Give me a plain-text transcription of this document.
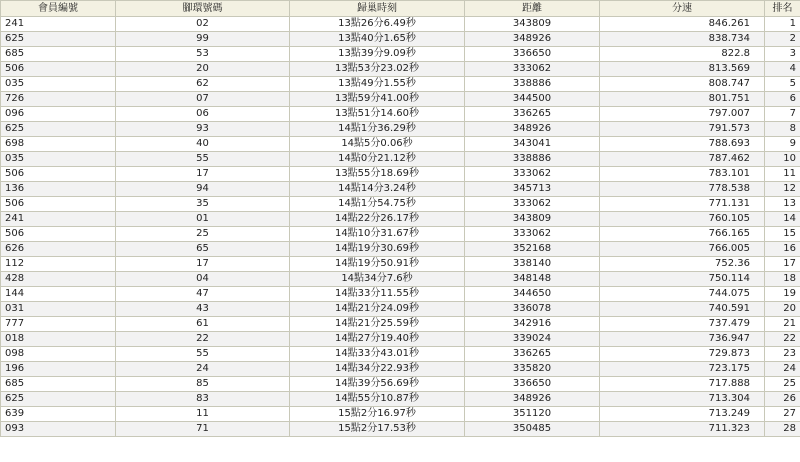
會員編號	腳環號碼	歸巢時刻	距離	分速	排名
241	02	13點26分6.49秒	343809	846.261	1
625	99	13點40分1.65秒	348926	838.734	2
685	53	13點39分9.09秒	336650	822.8	3
506	20	13點53分23.02秒	333062	813.569	4
035	62	13點49分1.55秒	338886	808.747	5
726	07	13點59分41.00秒	344500	801.751	6
096	06	13點51分14.60秒	336265	797.007	7
625	93	14點1分36.29秒	348926	791.573	8
698	40	14點5分0.06秒	343041	788.693	9
035	55	14點0分21.12秒	338886	787.462	10
506	17	13點55分18.69秒	333062	783.101	11
136	94	14點14分3.24秒	345713	778.538	12
506	35	14點1分54.75秒	333062	771.131	13
241	01	14點22分26.17秒	343809	760.105	14
506	25	14點10分31.67秒	333062	766.165	15
626	65	14點19分30.69秒	352168	766.005	16
112	17	14點19分50.91秒	338140	752.36	17
428	04	14點34分7.6秒	348148	750.114	18
144	47	14點33分11.55秒	344650	744.075	19
031	43	14點21分24.09秒	336078	740.591	20
777	61	14點21分25.59秒	342916	737.479	21
018	22	14點27分19.40秒	339024	736.947	22
098	55	14點33分43.01秒	336265	729.873	23
196	24	14點34分22.93秒	335820	723.175	24
685	85	14點39分56.69秒	336650	717.888	25
625	83	14點55分10.87秒	348926	713.304	26
639	11	15點2分16.97秒	351120	713.249	27
093	71	15點2分17.53秒	350485	711.323	28
